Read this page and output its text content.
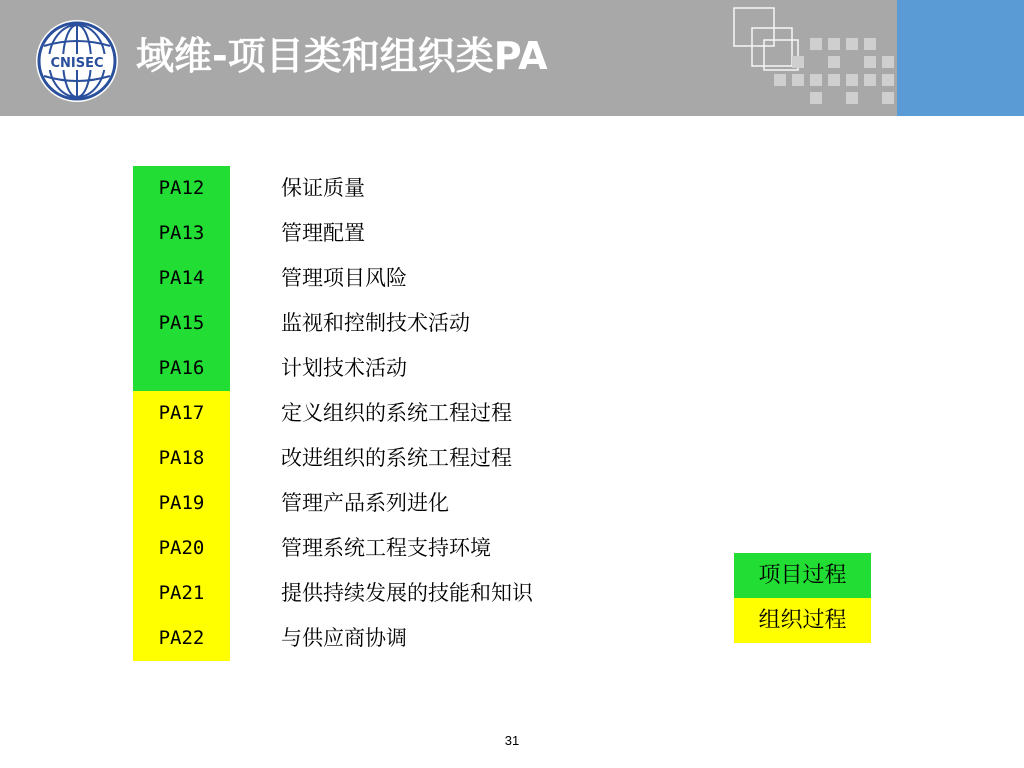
CNISEC 域维-项目类和组织类PA
PA12	保证质量
PA13	管理配置
PA14	管理项目风险
PA15	监视和控制技术活动
PA16	计划技术活动
PA17	定义组织的系统工程过程
PA18	改进组织的系统工程过程
PA19	管理产品系列进化
PA20	管理系统工程支持环境
PA21	提供持续发展的技能和知识
PA22	与供应商协调
项目过程
组织过程
31
